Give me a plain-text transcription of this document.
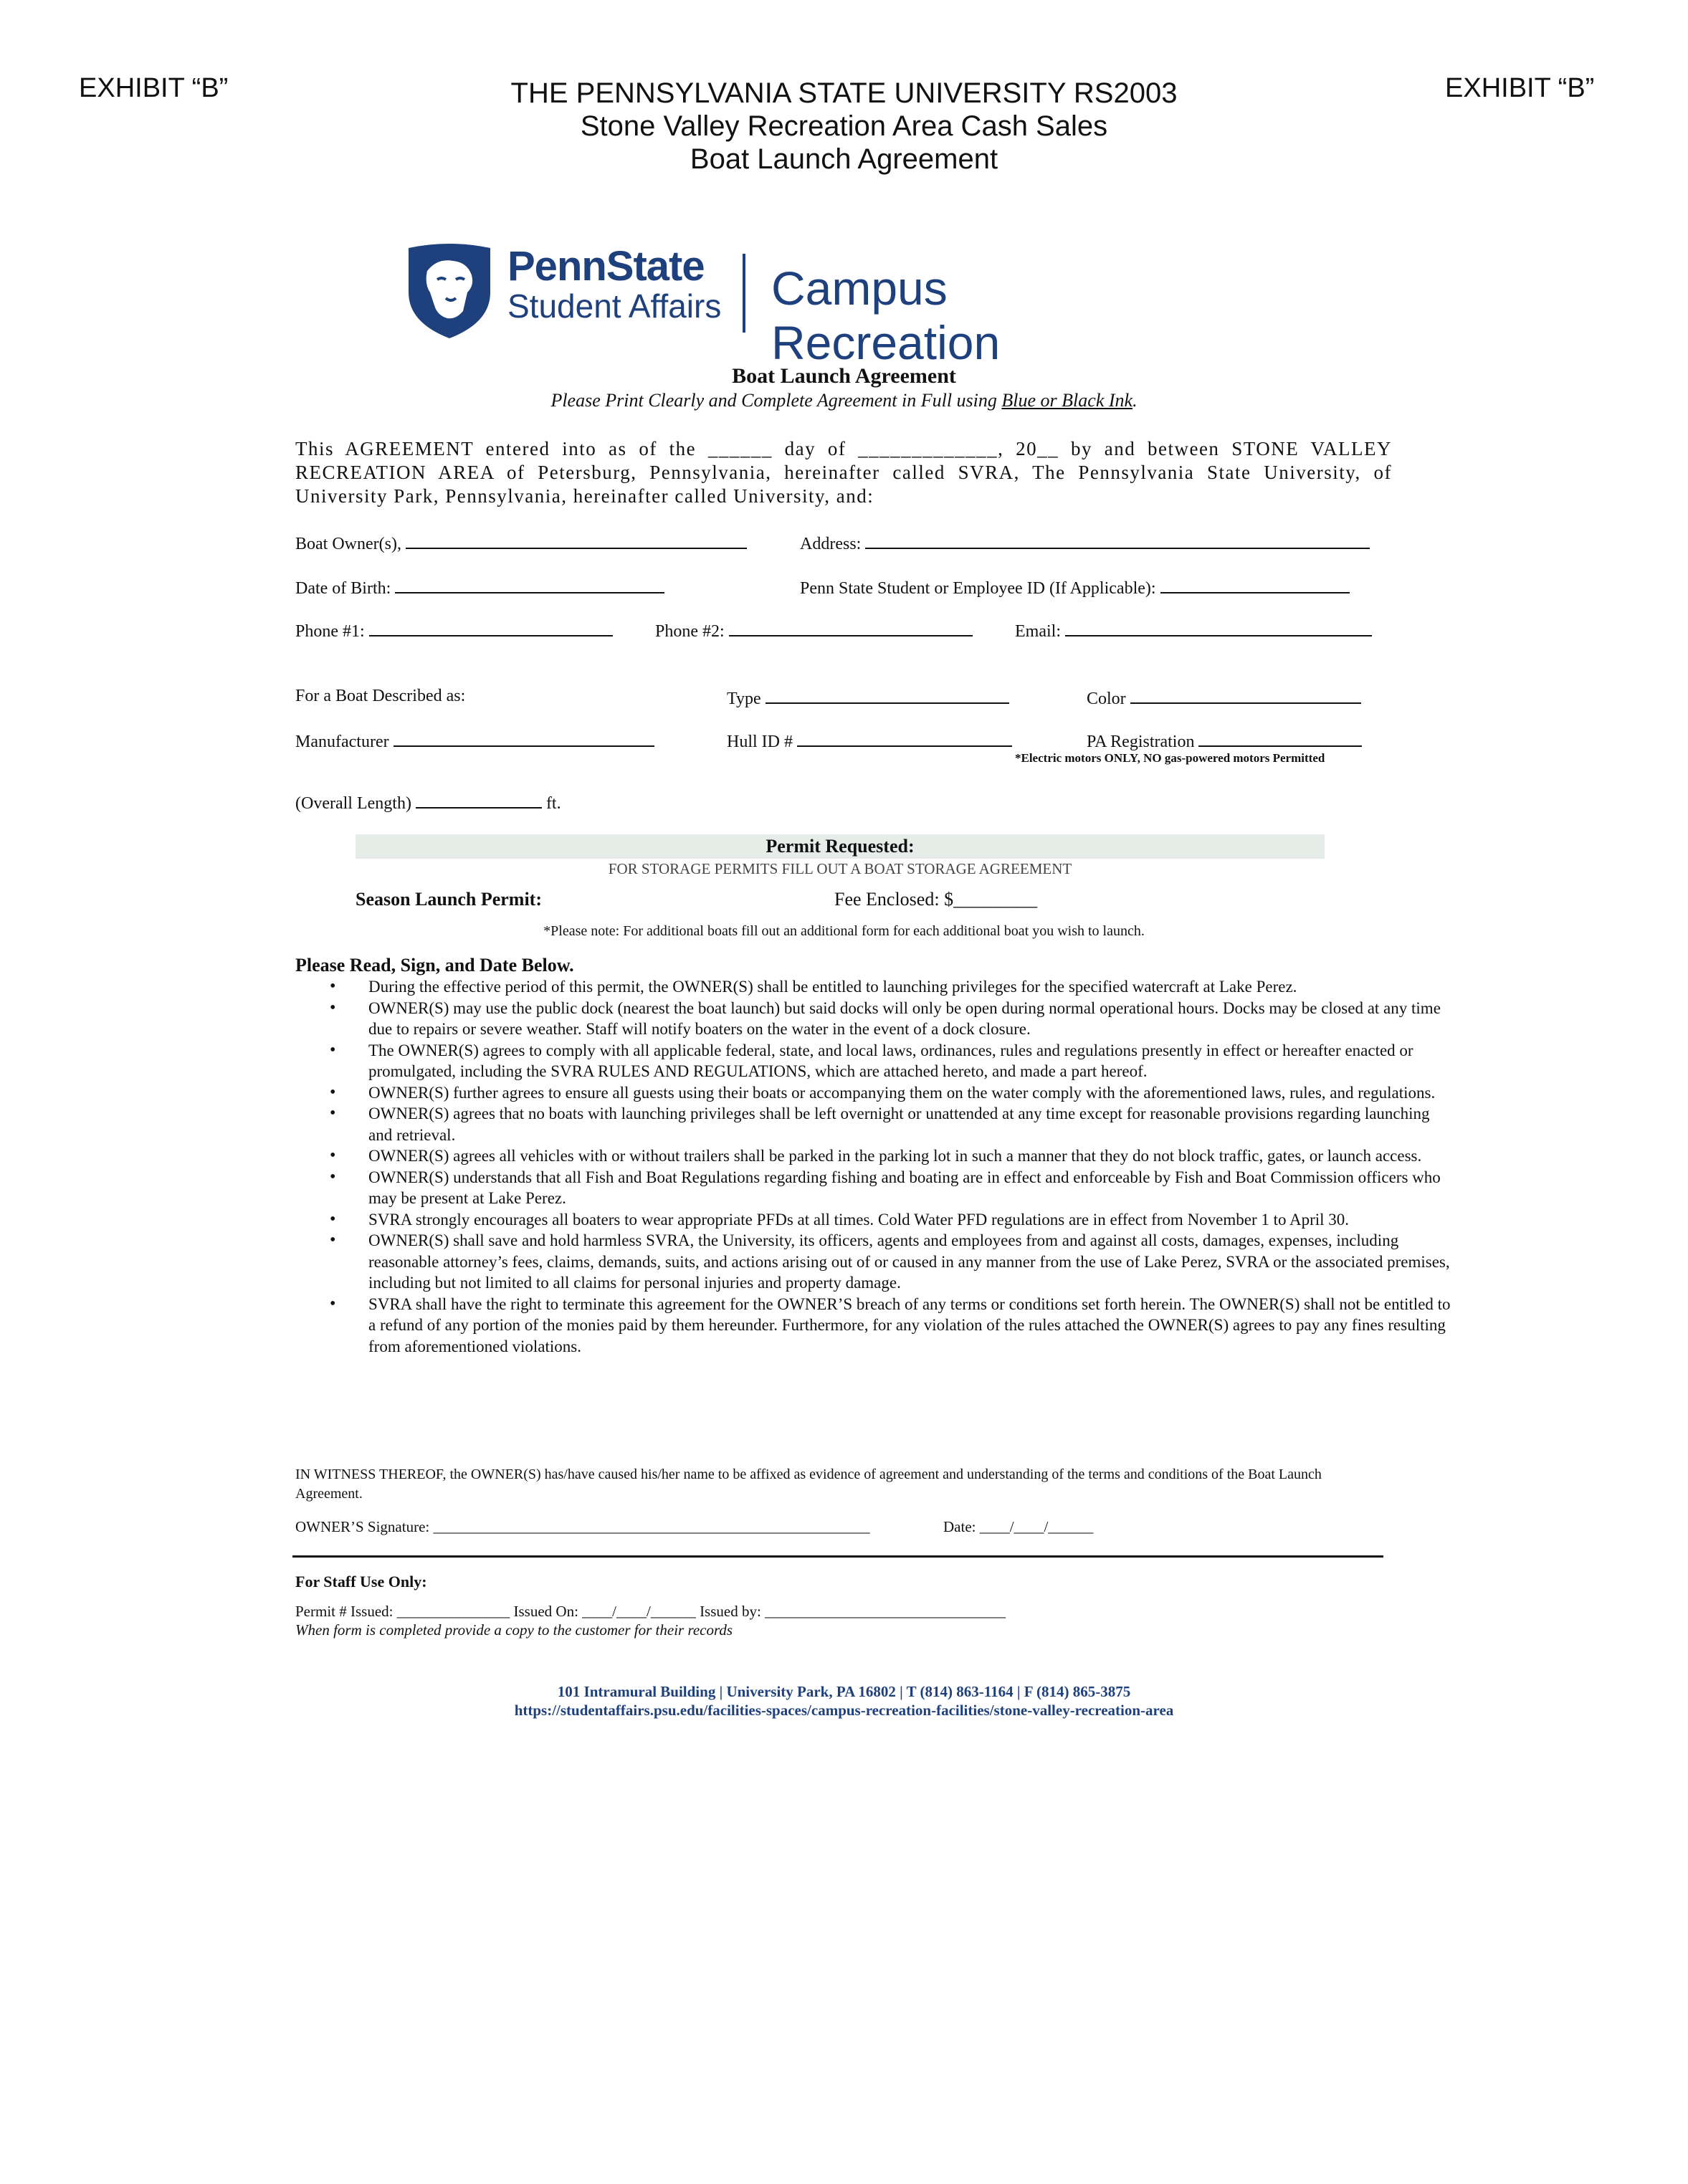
EXHIBIT “B”	EXHIBIT “B”
THE PENNSYLVANIA STATE UNIVERSITY RS2003
Stone Valley Recreation Area Cash Sales
Boat Launch Agreement
PennState
Student Affairs Campus Recreation
Boat Launch Agreement
Please Print Clearly and Complete Agreement in Full using Blue or Black Ink.
This AGREEMENT entered into as of the ______ day of _____________, 20__ by and between STONE VALLEY RECREATION AREA of Petersburg, Pennsylvania, hereinafter called SVRA, The Pennsylvania State University, of University Park, Pennsylvania, hereinafter called University, and:
Boat Owner(s),	Address:
Date of Birth:	Penn State Student or Employee ID (If Applicable):
Phone #1:	Phone #2:	Email:
For a Boat Described as:	Type	Color
Manufacturer	Hull ID #	PA Registration
*Electric motors ONLY, NO gas-powered motors Permitted
(Overall Length)	ft.
Permit Requested:
FOR STORAGE PERMITS FILL OUT A BOAT STORAGE AGREEMENT
Season Launch Permit:	Fee Enclosed: $_________
*Please note: For additional boats fill out an additional form for each additional boat you wish to launch.
Please Read, Sign, and Date Below.
• During the effective period of this permit, the OWNER(S) shall be entitled to launching privileges for the specified watercraft at Lake Perez.
• OWNER(S) may use the public dock (nearest the boat launch) but said docks will only be open during normal operational hours. Docks may be closed at any time due to repairs or severe weather. Staff will notify boaters on the water in the event of a dock closure.
• The OWNER(S) agrees to comply with all applicable federal, state, and local laws, ordinances, rules and regulations presently in effect or hereafter enacted or promulgated, including the SVRA RULES AND REGULATIONS, which are attached hereto, and made a part hereof.
• OWNER(S) further agrees to ensure all guests using their boats or accompanying them on the water comply with the aforementioned laws, rules, and regulations.
• OWNER(S) agrees that no boats with launching privileges shall be left overnight or unattended at any time except for reasonable provisions regarding launching and retrieval.
• OWNER(S) agrees all vehicles with or without trailers shall be parked in the parking lot in such a manner that they do not block traffic, gates, or launch access.
• OWNER(S) understands that all Fish and Boat Regulations regarding fishing and boating are in effect and enforceable by Fish and Boat Commission officers who may be present at Lake Perez.
• SVRA strongly encourages all boaters to wear appropriate PFDs at all times. Cold Water PFD regulations are in effect from November 1 to April 30.
• OWNER(S) shall save and hold harmless SVRA, the University, its officers, agents and employees from and against all costs, damages, expenses, including reasonable attorney’s fees, claims, demands, suits, and actions arising out of or caused in any manner from the use of Lake Perez, SVRA or the associated premises, including but not limited to all claims for personal injuries and property damage.
• SVRA shall have the right to terminate this agreement for the OWNER’S breach of any terms or conditions set forth herein. The OWNER(S) shall not be entitled to a refund of any portion of the monies paid by them hereunder. Furthermore, for any violation of the rules attached the OWNER(S) agrees to pay any fines resulting from aforementioned violations.
IN WITNESS THEREOF, the OWNER(S) has/have caused his/her name to be affixed as evidence of agreement and understanding of the terms and conditions of the Boat Launch Agreement.
OWNER’S Signature: __________________________________________________________	Date: ____/____/______
For Staff Use Only:
Permit # Issued: _______________ Issued On: ____/____/______ Issued by: ________________________________
When form is completed provide a copy to the customer for their records
101 Intramural Building | University Park, PA 16802 | T (814) 863-1164 | F (814) 865-3875
https://studentaffairs.psu.edu/facilities-spaces/campus-recreation-facilities/stone-valley-recreation-area
